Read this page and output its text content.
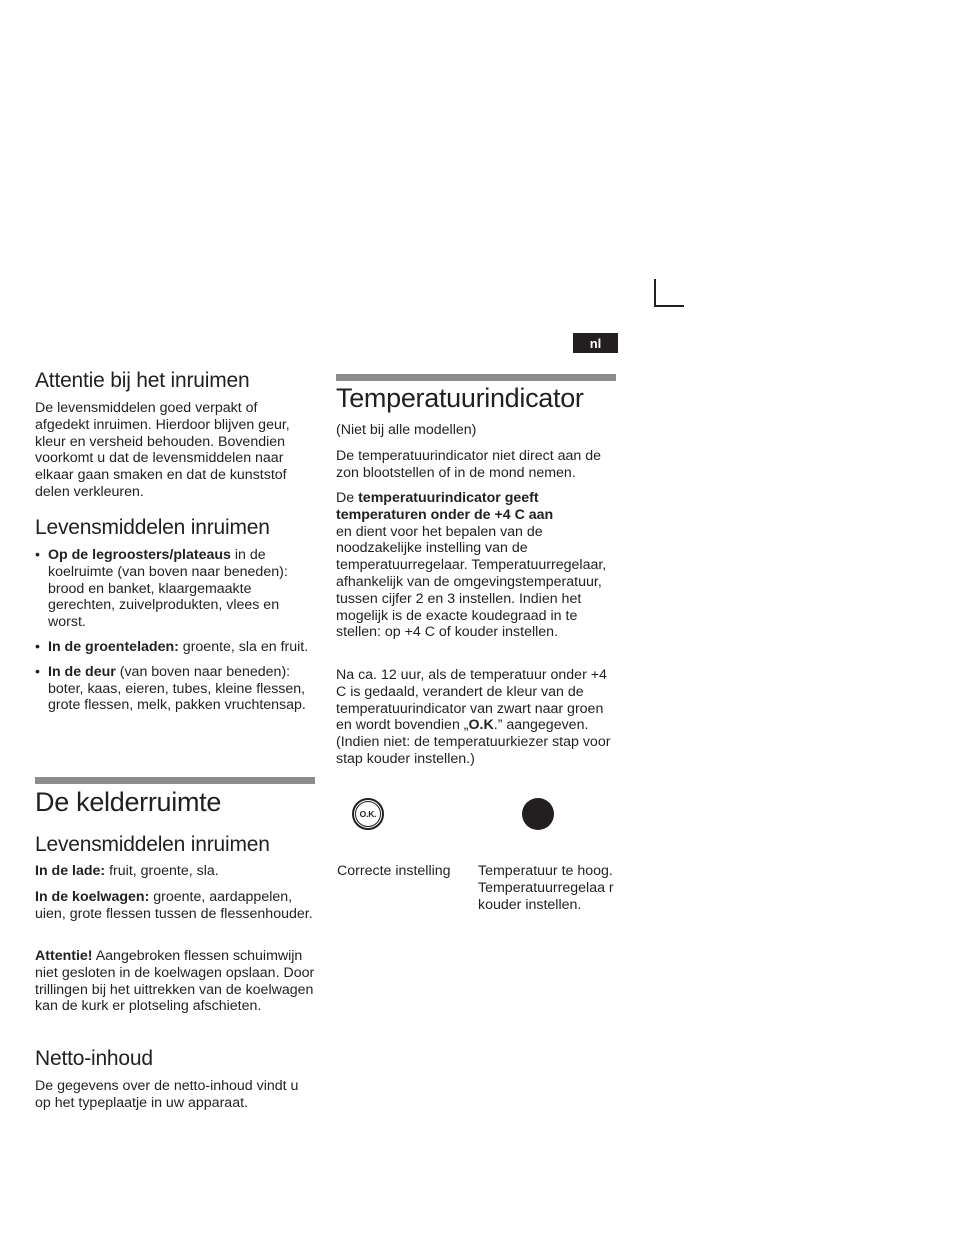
nl
Attentie bij het inruimen

De levensmiddelen goed verpakt of afgedekt inruimen. Hierdoor blijven geur, kleur en versheid behouden. Bovendien voorkomt u dat de levensmiddelen naar elkaar gaan smaken en dat de kunststof delen verkleuren.

Levensmiddelen inruimen
• Op de legroosters/plateaus in de koelruimte (van boven naar beneden): brood en banket, klaargemaakte gerechten, zuivelprodukten, vlees en worst.
• In de groenteladen: groente, sla en fruit.
• In de deur (van boven naar beneden): boter, kaas, eieren, tubes, kleine flessen, grote flessen, melk, pakken vruchtensap.
De kelderruimte
Levensmiddelen inruimen

In de lade: fruit, groente, sla.

In de koelwagen: groente, aardappelen, uien, grote flessen tussen de flessenhouder.

Attentie! Aangebroken flessen schuimwijn niet gesloten in de koelwagen opslaan. Door trillingen bij het uittrekken van de koelwagen kan de kurk er plotseling afschieten.

Netto-inhoud

De gegevens over de netto-inhoud vindt u op het typeplaatje in uw apparaat.

Temperatuurindicator

(Niet bij alle modellen)

De temperatuurindicator niet direct aan de zon blootstellen of in de mond nemen.

De temperatuurindicator geeft temperaturen onder de +4 C aan
en dient voor het bepalen van de noodzakelijke instelling van de temperatuurregelaar. Temperatuurregelaar, afhankelijk van de omgevingstemperatuur, tussen cijfer 2 en 3 instellen. Indien het mogelijk is de exacte koudegraad in te stellen: op +4 C of kouder instellen.

Na ca. 12 uur, als de temperatuur onder +4 C is gedaald, verandert de kleur van de temperatuurindicator van zwart naar groen en wordt bovendien „O.K.” aangegeven. (Indien niet: de temperatuurkiezer stap voor stap kouder instellen.)

O.K.

Correcte instelling	Temperatuur te hoog. Temperatuurregelaa r kouder instellen.
